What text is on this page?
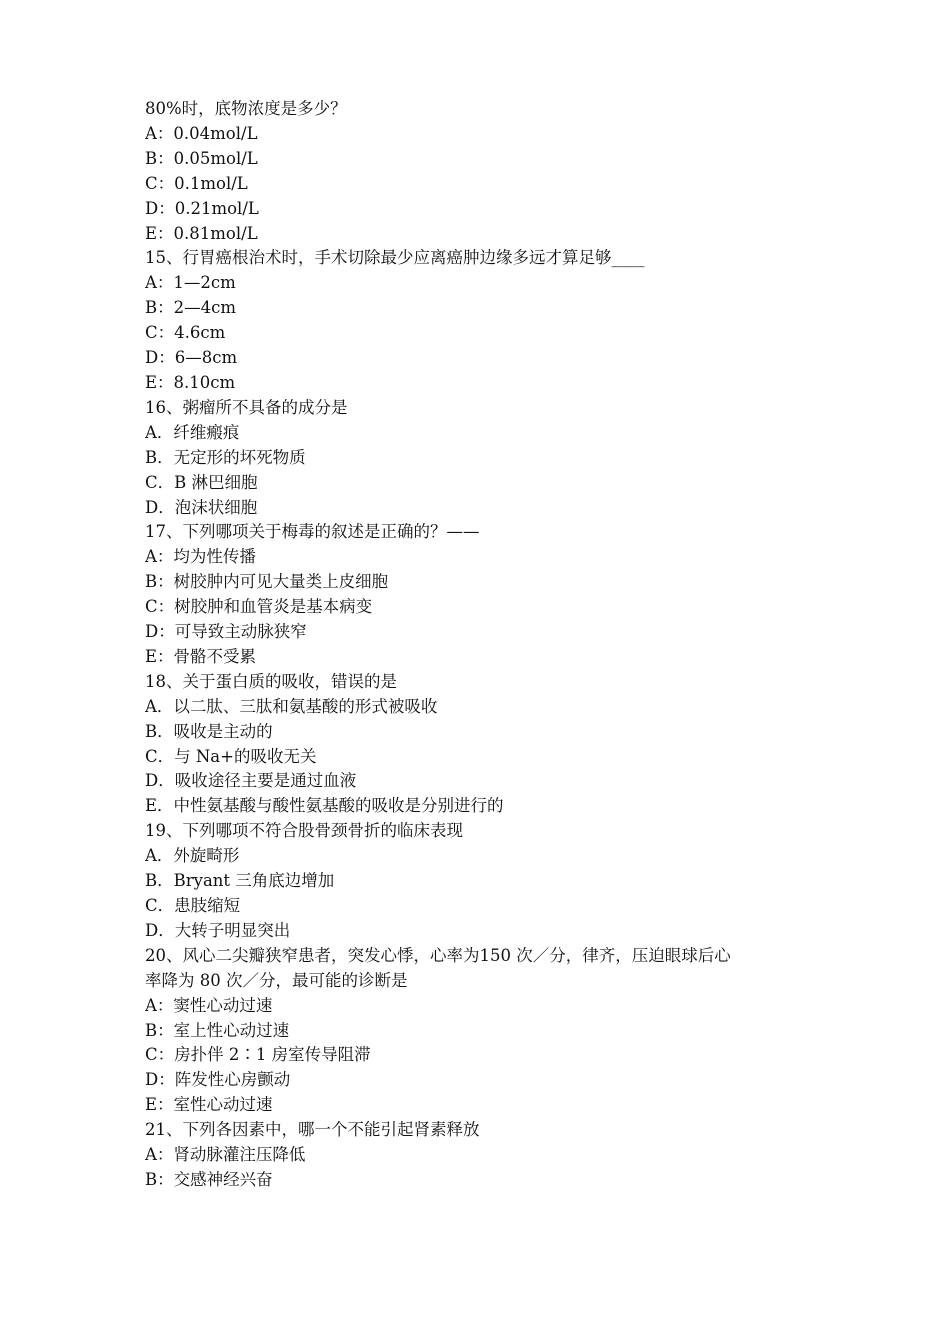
80%时，底物浓度是多少？
A：0.04mol/L
B：0.05mol/L
C：0.1mol/L
D：0.21mol/L
E：0.81mol/L
15、行胃癌根治术时，手术切除最少应离癌肿边缘多远才算足够____
A：1—2cm
B：2—4cm
C：4.6cm
D：6—8cm
E：8.10cm
16、粥瘤所不具备的成分是
A．纤维瘢痕
B．无定形的坏死物质
C．B 淋巴细胞
D．泡沫状细胞
17、下列哪项关于梅毒的叙述是正确的？——
A：均为性传播
B：树胶肿内可见大量类上皮细胞
C：树胶肿和血管炎是基本病变
D：可导致主动脉狭窄
E：骨骼不受累
18、关于蛋白质的吸收，错误的是
A．以二肽、三肽和氨基酸的形式被吸收
B．吸收是主动的
C．与 Na+的吸收无关
D．吸收途径主要是通过血液
E．中性氨基酸与酸性氨基酸的吸收是分别进行的
19、下列哪项不符合股骨颈骨折的临床表现
A．外旋畸形
B．Bryant 三角底边增加
C．患肢缩短
D．大转子明显突出
20、风心二尖瓣狭窄患者，突发心悸，心率为150 次／分，律齐，压迫眼球后心
率降为 80 次／分，最可能的诊断是
A：窦性心动过速
B：室上性心动过速
C：房扑伴 2∶1 房室传导阻滞
D：阵发性心房颤动
E：室性心动过速
21、下列各因素中，哪一个不能引起肾素释放
A：肾动脉灌注压降低
B：交感神经兴奋
